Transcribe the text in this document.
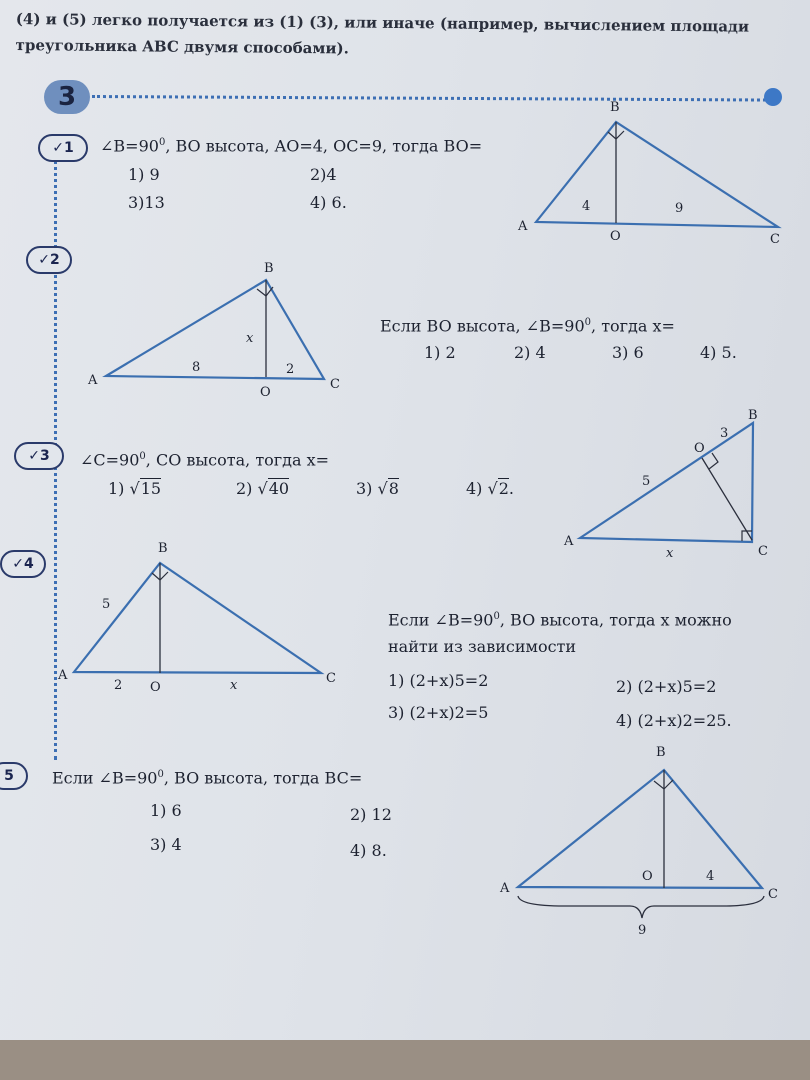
(4) и (5) легко получается из (1) (3), или иначе (например, вычислением площади
треугольника ABC двумя способами).
3
✓1	$\angle B=90^0$, BO высота, AO=4, OC=9, тогда BO=
1) 9	2)4
3)13	4) 6.
B
A
C
O
4	9
✓2
B
A	C
O
x
8	2
Если BO высота, $\angle B=90^0$, тогда x=
1) 2	2) 4	3) 6	4) 5.
✓3	$\angle C=90^0$, CO высота, тогда x=
1) √15	2) √40	3) √8	4) √2.
B
A
C
O
x
5
3
✓4
B
A	C
O	x
5
2
Если $\angle B=90^0$, BO высота, тогда x можно
найти из зависимости
1) (2+x)5=2	2) (2+x)5=2
3) (2+x)2=5	4) (2+x)2=25.
5	Если $\angle B=90^0$, BO высота, тогда BC=
1) 6	2) 12
3) 4	4) 8.
B
A	C
O	4
9
